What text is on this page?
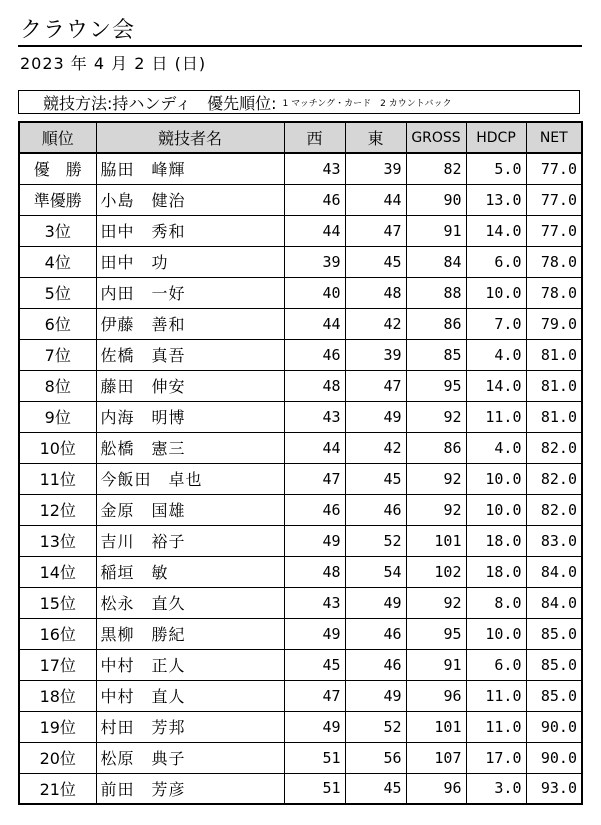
クラウン会
2023 年 4 月 2 日 (日)
競技方法:持ハンディ　優先順位: 1 マッチング・カード　2 カウントバック
順位	競技者名	西	東	GROSS	HDCP	NET
優　勝	脇田　峰輝	43	39	82	5.0	77.0
準優勝	小島　健治	46	44	90	13.0	77.0
3位	田中　秀和	44	47	91	14.0	77.0
4位	田中　功	39	45	84	6.0	78.0
5位	内田　一好	40	48	88	10.0	78.0
6位	伊藤　善和	44	42	86	7.0	79.0
7位	佐橋　真吾	46	39	85	4.0	81.0
8位	藤田　伸安	48	47	95	14.0	81.0
9位	内海　明博	43	49	92	11.0	81.0
10位	舩橋　憲三	44	42	86	4.0	82.0
11位	今飯田　卓也	47	45	92	10.0	82.0
12位	金原　国雄	46	46	92	10.0	82.0
13位	吉川　裕子	49	52	101	18.0	83.0
14位	稲垣　敏	48	54	102	18.0	84.0
15位	松永　直久	43	49	92	8.0	84.0
16位	黒柳　勝紀	49	46	95	10.0	85.0
17位	中村　正人	45	46	91	6.0	85.0
18位	中村　直人	47	49	96	11.0	85.0
19位	村田　芳邦	49	52	101	11.0	90.0
20位	松原　典子	51	56	107	17.0	90.0
21位	前田　芳彦	51	45	96	3.0	93.0
